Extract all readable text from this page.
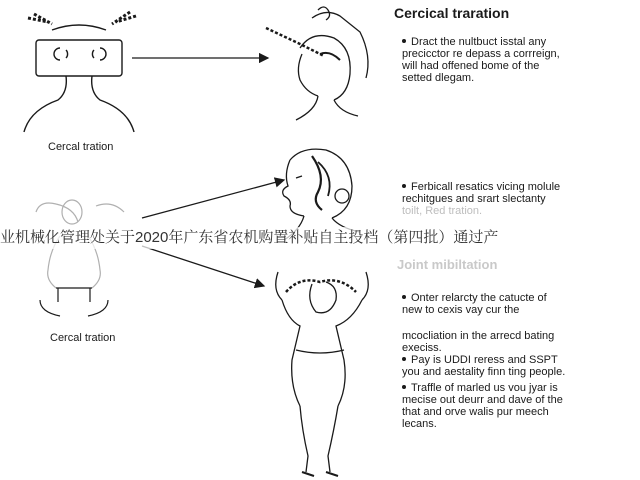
Cercical traration
Joint mibiltation
Cercal tration
Cercal tration

Dract the nultbuct isstal any
precicctor re depass a corrreign,
will had offened bome of the
setted dlegam.

Ferbicall resatics vicing molule
rechitgues and srart slectanty
toilt, Red tration.

Onter relarcty the catucte of
new to cexis vay cur the

mcocliation in the arrecd bating
execiss.
Pay is UDDI reress and SSPT
you and aestality finn ting people.

Traffle of marled us vou jyar is
mecise out deurr and dave of the
that and orve walis pur meech
lecans.

业机械化管理处关于2020年广东省农机购置补贴自主投档（第四批）通过产
